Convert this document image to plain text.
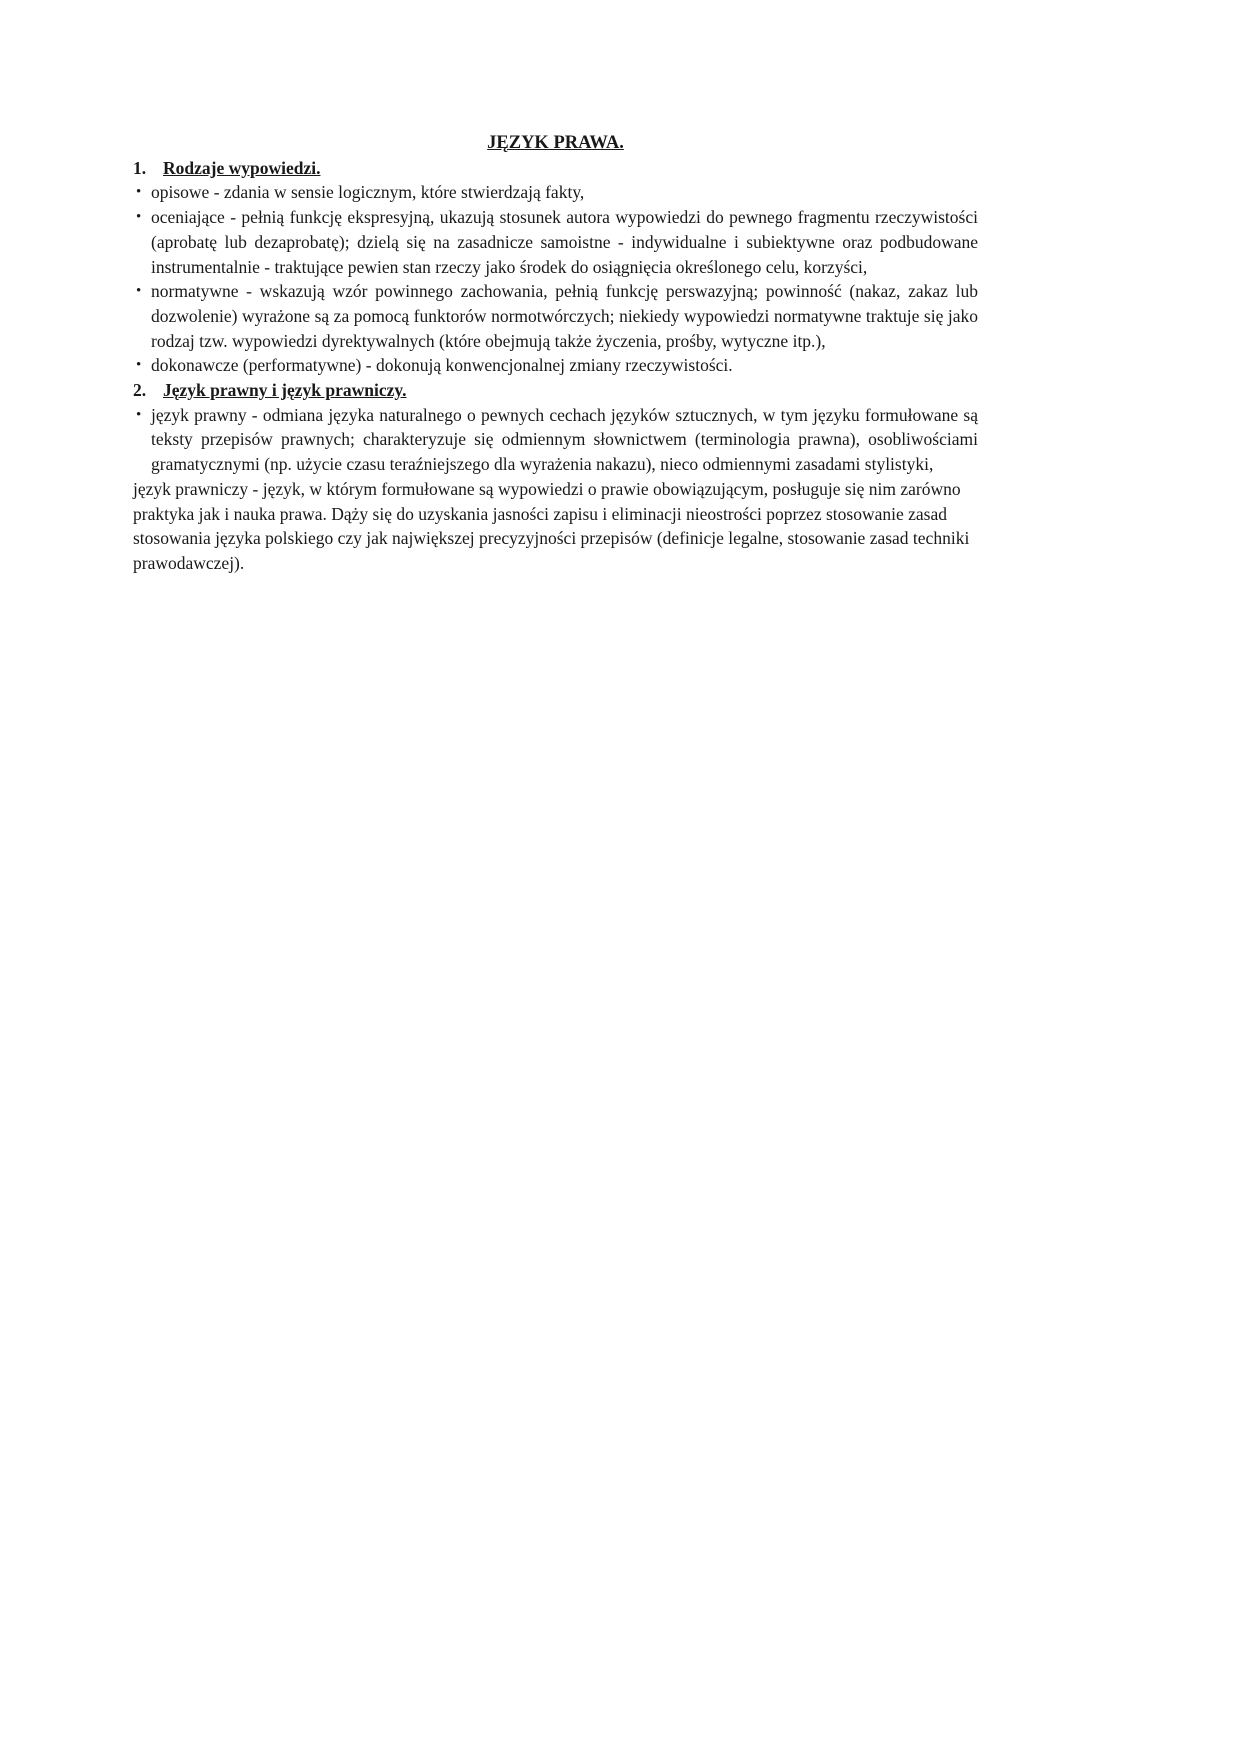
JĘZYK PRAWA.
1. Rodzaje wypowiedzi.
• opisowe - zdania w sensie logicznym, które stwierdzają fakty,
• oceniające - pełnią funkcję ekspresyjną, ukazują stosunek autora wypowiedzi do pewnego fragmentu rzeczywistości (aprobatę lub dezaprobatę); dzielą się na zasadnicze samoistne - indywidualne i subiektywne oraz podbudowane instrumentalnie - traktujące pewien stan rzeczy jako środek do osiągnięcia określonego celu, korzyści,
• normatywne - wskazują wzór powinnego zachowania, pełnią funkcję perswazyjną; powinność (nakaz, zakaz lub dozwolenie) wyrażone są za pomocą funktorów normotwórczych; niekiedy wypowiedzi normatywne traktuje się jako rodzaj tzw. wypowiedzi dyrektywalnych (które obejmują także życzenia, prośby, wytyczne itp.),
• dokonawcze (performatywne) - dokonują konwencjonalnej zmiany rzeczywistości.
2. Język prawny i język prawniczy.
• język prawny - odmiana języka naturalnego o pewnych cechach języków sztucznych, w tym języku formułowane są teksty przepisów prawnych; charakteryzuje się odmiennym słownictwem (terminologia prawna), osobliwościami gramatycznymi (np. użycie czasu teraźniejszego dla wyrażenia nakazu), nieco odmiennymi zasadami stylistyki,

język prawniczy - język, w którym formułowane są wypowiedzi o prawie obowiązującym, posługuje się nim zarówno praktyka jak i nauka prawa. Dąży się do uzyskania jasności zapisu i eliminacji nieostrości poprzez stosowanie zasad stosowania języka polskiego czy jak największej precyzyjności przepisów (definicje legalne, stosowanie zasad techniki prawodawczej).
